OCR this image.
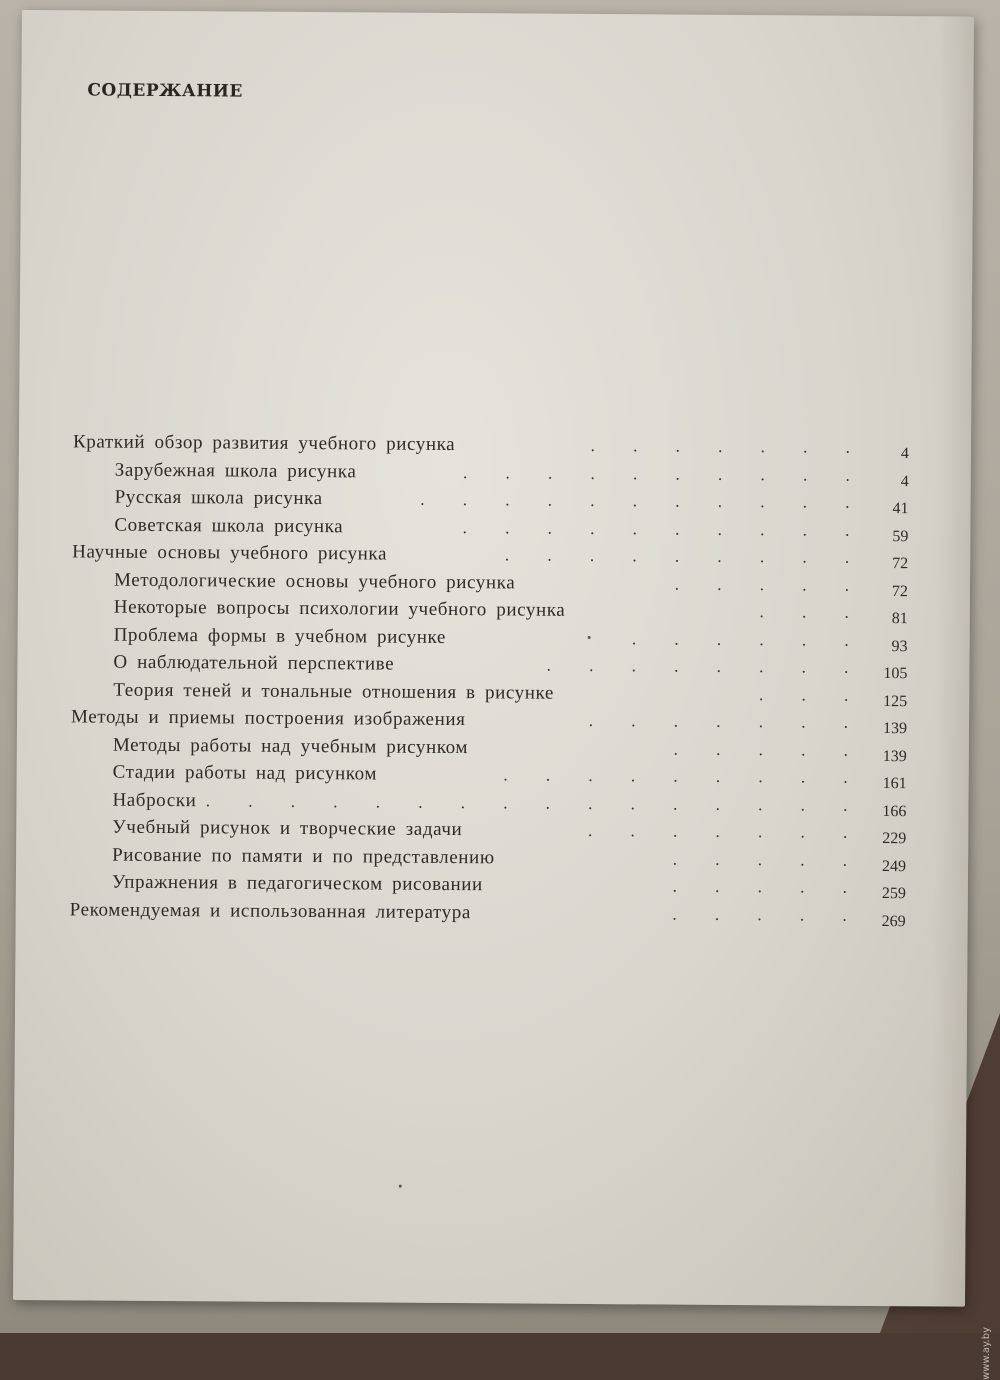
СОДЕРЖАНИЕ
Краткий обзор развития учебного рисунка	. . . . . . . 4
Зарубежная школа рисунка	. . . . . . . . . . 4
Русская школа рисунка	. . . . . . . . . . . 41
Советская школа рисунка	. . . . . . . . . . 59
Научные основы учебного рисунка	. . . . . . . . . 72
Методологические основы учебного рисунка	. . . . . 72
Некоторые вопросы психологии учебного рисунка	. . . 81
Проблема формы в учебном рисунке	. . . . . . 93
О наблюдательной перспективе	. . . . . . . . 105
Теория теней и тональные отношения в рисунке	. . . 125
Методы и приемы построения изображения	. . . . . . . 139
Методы работы над учебным рисунком	. . . . . 139
Стадии работы над рисунком	. . . . . . . . . 161
Наброски . . . . . . . . . . . . . . . . 166
Учебный рисунок и творческие задачи	. . . . . . . 229
Рисование по памяти и по представлению	. . . . . 249
Упражнения в педагогическом рисовании	. . . . . 259
Рекомендуемая и использованная литература	. . . . . 269
www.ay.by
